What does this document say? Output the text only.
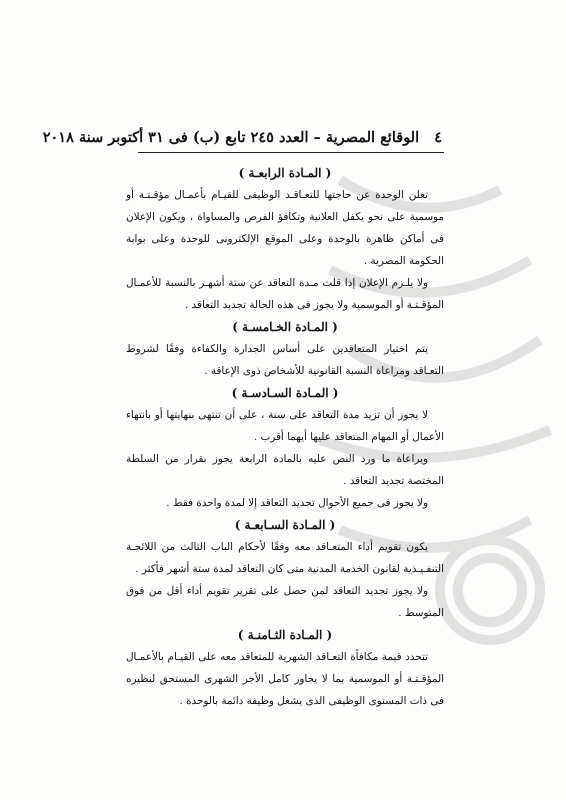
٤ الوقائع المصرية – العدد ٢٤٥ تابع (ب) فى ٣١ أكتوبر سنة ٢٠١٨
( المـادة الرابعـة )

تعلن الوحدة عن حاجتها للتعـاقـد الوظيفى للقيـام بأعمـال مؤقـتـة أو موسمية على نحو يكفل العلانية وتكافؤ الفرص والمساواة ، ويكون الإعلان فى أماكن ظاهرة بالوحدة وعلى الموقع الإلكترونى للوحدة وعلى بوابة الحكومة المصرية .

ولا يلـزم الإعلان إذا قلت مـدة التعاقد عن ستة أشهـر بالنسبة للأعمـال المؤقـتـة أو الموسمية ولا يجوز فى هذه الحالة تجديد التعاقد .

( المـادة الخـامسـة )

يتم اختيار المتعاقدين على أساس الجدارة والكفاءة وفقًا لشروط التعـاقد ومراعاة النسبة القانونية للأشخاص ذوى الإعاقة .

( المـادة السـادسـة )

لا يجوز أن تزيد مدة التعاقد على سنة ، على أن تنتهى بنهايتها أو بانتهاء الأعمال أو المهام المتعاقد عليها أيهما أقرب .

ويراعاة ما ورد النص عليه بالمادة الرابعة يجوز بقرار من السلطة المختصة تجديد التعاقد .

ولا يجوز فى جميع الأحوال تجديد التعاقد إلا لمدة واحدة فقط .

( المـادة السـابعـة )

يكون تقويم أداء المتعـاقد معه وفقًا لأحكام الباب الثالث من اللائحـة التنفـيـذية لقانون الخدمة المدنية متى كان التعاقد لمدة ستة أشهر فأكثر .

ولا يجوز تجديد التعاقد لمن حصل على تقرير تقويم أداء أقل من فوق المتوسط .

( المـادة الثـامنـة )

تتحدد قيمة مكافأة التعـاقد الشهرية للمتعاقد معه على القيـام بالأعمـال المؤقـتـة أو الموسمية بما لا يجاوز كامل الأجر الشهرى المستحق لنظيره فى ذات المستوى الوظيفى الذى يشغل وظيفة دائمة بالوحدة .
